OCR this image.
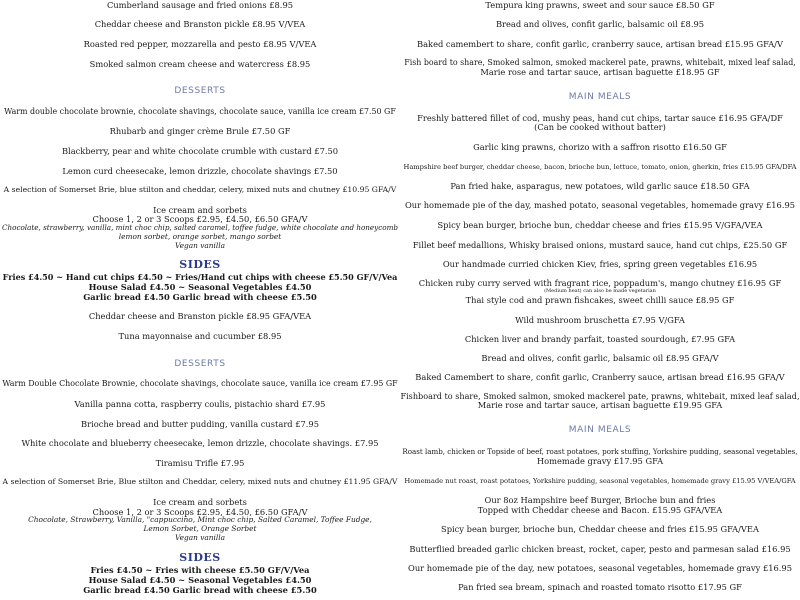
Cumberland sausage and fried onions £8.95
Cheddar cheese and Branston pickle £8.95 V/VEA
Roasted red pepper, mozzarella and pesto £8.95 V/VEA
Smoked salmon cream cheese and watercress £8.95
DESSERTS
Warm double chocolate brownie, chocolate shavings, chocolate sauce, vanilla ice cream £7.50 GF
Rhubarb and ginger crème Brule £7.50 GF
Blackberry, pear and white chocolate crumble with custard £7.50
Lemon curd cheesecake, lemon drizzle, chocolate shavings £7.50
A selection of Somerset Brie, blue stilton and cheddar, celery, mixed nuts and chutney £10.95 GFA/V
Ice cream and sorbets
Choose 1, 2 or 3 Scoops £2.95, £4.50, £6.50 GFA/V
Chocolate, strawberry, vanilla, mint choc chip, salted caramel, toffee fudge, white chocolate and honeycomb
lemon sorbet, orange sorbet, mango sorbet
Vegan vanilla
SIDES
Fries £4.50 ~ Hand cut chips £4.50 ~ Fries/Hand cut chips with cheese £5.50 GF/V/Vea
House Salad £4.50 ~ Seasonal Vegetables £4.50
Garlic bread £4.50 Garlic bread with cheese £5.50
Cheddar cheese and Branston pickle £8.95 GFA/VEA
Tuna mayonnaise and cucumber £8.95
DESSERTS
Warm Double Chocolate Brownie, chocolate shavings, chocolate sauce, vanilla ice cream £7.95 GF
Vanilla panna cotta, raspberry coulis, pistachio shard £7.95
Brioche bread and butter pudding, vanilla custard £7.95
White chocolate and blueberry cheesecake, lemon drizzle, chocolate shavings. £7.95
Tiramisu Trifle £7.95
A selection of Somerset Brie, Blue stilton and Cheddar, celery, mixed nuts and chutney £11.95 GFA/V
Ice cream and sorbets
Choose 1, 2 or 3 Scoops £2.95, £4.50, £6.50 GFA/V
Chocolate, Strawberry, Vanilla, "cappuccino, Mint choc chip, Salted Caramel, Toffee Fudge,
Lemon Sorbet, Orange Sorbet
Vegan vanilla
SIDES
Fries £4.50 ~ Fries with cheese £5.50 GF/V/Vea
House Salad £4.50 ~ Seasonal Vegetables £4.50
Garlic bread £4.50 Garlic bread with cheese £5.50
Tempura king prawns, sweet and sour sauce £8.50 GF
Bread and olives, confit garlic, balsamic oil £8.95
Baked camembert to share, confit garlic, cranberry sauce, artisan bread £15.95 GFA/V
Fish board to share, Smoked salmon, smoked mackerel pate, prawns, whitebait, mixed leaf salad,
Marie rose and tartar sauce, artisan baguette £18.95 GF
MAIN MEALS
Freshly battered fillet of cod, mushy peas, hand cut chips, tartar sauce £16.95 GFA/DF
(Can be cooked without batter)
Garlic king prawns, chorizo with a saffron risotto £16.50 GF
Hampshire beef burger, cheddar cheese, bacon, brioche bun, lettuce, tomato, onion, gherkin, fries £15.95 GFA/DFA
Pan fried hake, asparagus, new potatoes, wild garlic sauce £18.50 GFA
Our homemade pie of the day, mashed potato, seasonal vegetables, homemade gravy £16.95
Spicy bean burger, brioche bun, cheddar cheese and fries £15.95 V/GFA/VEA
Fillet beef medallions, Whisky braised onions, mustard sauce, hand cut chips, £25.50 GF
Our handmade curried chicken Kiev, fries, spring green vegetables £16.95
Chicken ruby curry served with fragrant rice, poppadum's, mango chutney £16.95 GF
(Medium heat) can also be made vegetarian
Thai style cod and prawn fishcakes, sweet chilli sauce £8.95 GF
Wild mushroom bruschetta £7.95 V/GFA
Chicken liver and brandy parfait, toasted sourdough, £7.95 GFA
Bread and olives, confit garlic, balsamic oil £8.95 GFA/V
Baked Camembert to share, confit garlic, Cranberry sauce, artisan bread £16.95 GFA/V
Fishboard to share, Smoked salmon, smoked mackerel pate, prawns, whitebait, mixed leaf salad,
Marie rose and tartar sauce, artisan baguette £19.95 GFA
MAIN MEALS
Roast lamb, chicken or Topside of beef, roast potatoes, pork stuffing, Yorkshire pudding, seasonal vegetables,
Homemade gravy £17.95 GFA
Homemade nut roast, roast potatoes, Yorkshire pudding, seasonal vegetables, homemade gravy £15.95 V/VEA/GFA
Our 8oz Hampshire beef Burger, Brioche bun and fries
Topped with Cheddar cheese and Bacon. £15.95 GFA/VEA
Spicy bean burger, brioche bun, Cheddar cheese and fries £15.95 GFA/VEA
Butterflied breaded garlic chicken breast, rocket, caper, pesto and parmesan salad £16.95
Our homemade pie of the day, new potatoes, seasonal vegetables, homemade gravy £16.95
Pan fried sea bream, spinach and roasted tomato risotto £17.95 GF
